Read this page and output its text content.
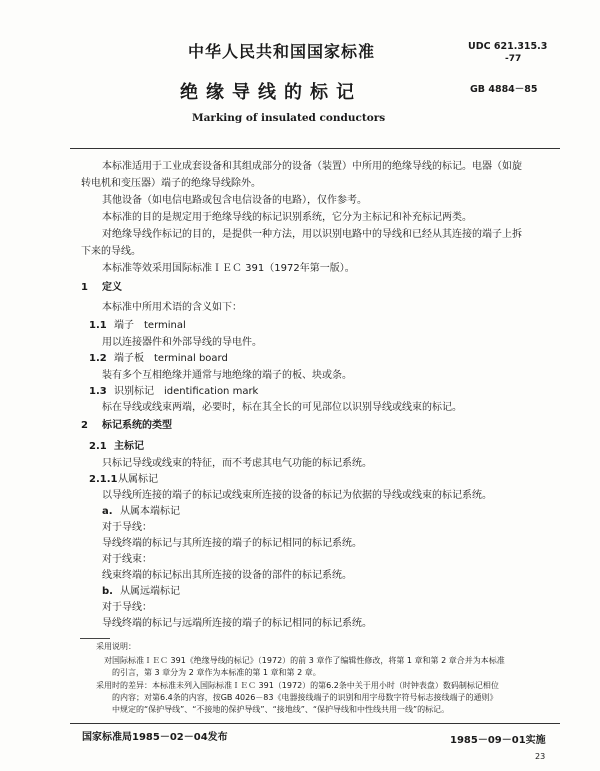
中华人民共和国国家标准	UDC 621.315.3
-77
绝缘导线的标记	GB 4884－85
Marking of insulated conductors
本标准适用于工业成套设备和其组成部分的设备（装置）中所用的绝缘导线的标记。电器（如旋
转电机和变压器）端子的绝缘导线除外。
其他设备（如电信电路或包含电信设备的电路），仅作参考。
本标准的目的是规定用于绝缘导线的标记识别系统，它分为主标记和补充标记两类。
对绝缘导线作标记的目的，是提供一种方法，用以识别电路中的导线和已经从其连接的端子上拆
下来的导线。
本标准等效采用国际标准ＩＥＣ 391（1972年第一版）。
1 定义
本标准中所用术语的含义如下：
1.1 端子　terminal
用以连接器件和外部导线的导电件。
1.2 端子板　terminal board
装有多个互相绝缘并通常与地绝缘的端子的板、块或条。
1.3 识别标记　identification mark
标在导线或线束两端，必要时，标在其全长的可见部位以识别导线或线束的标记。
2 标记系统的类型
2.1 主标记
只标记导线或线束的特征，而不考虑其电气功能的标记系统。
2.1.1 从属标记
以导线所连接的端子的标记或线束所连接的设备的标记为依据的导线或线束的标记系统。
a. 从属本端标记
对于导线：
导线终端的标记与其所连接的端子的标记相同的标记系统。
对于线束：
线束终端的标记标出其所连接的设备的部件的标记系统。
b. 从属远端标记
对于导线：
导线终端的标记与远端所连接的端子的标记相同的标记系统。
采用说明：
对国际标准ＩＥＣ 391《绝缘导线的标记》（1972）的前 3 章作了编辑性修改，将第 1 章和第 2 章合并为本标准
的引言，第 3 章分为 2 章作为本标准的第 1 章和第 2 章。
采用时的差异：本标准未列入国际标准ＩＥＣ 391（1972）的第6.2条中关于用小时（时钟表盘）数码制标记相位
的内容；对第6.4条的内容，按GB 4026－83《电器接线端子的识别和用字母数字符号标志接线端子的通则》
中规定的“保护导线”、“不接地的保护导线”、“接地线”、“保护导线和中性线共用一线”的标记。
国家标准局1985－02－04发布	1985－09－01实施
23
